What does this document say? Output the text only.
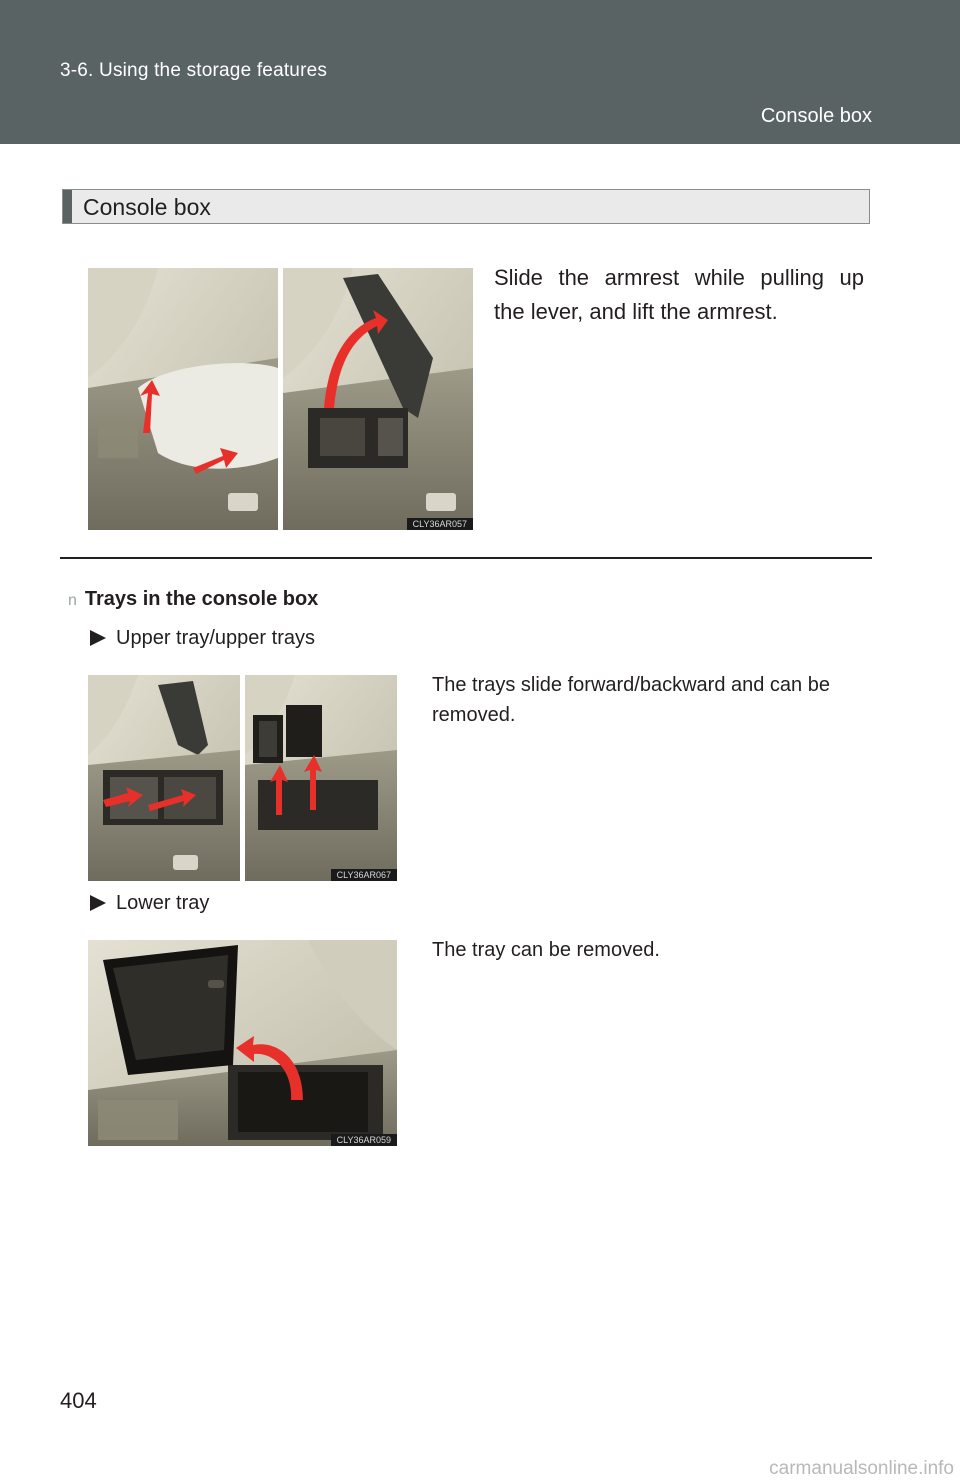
3-6. Using the storage features
Console box
Console box
CLY36AR057
Slide the armrest while pulling up
the lever, and lift the armrest.
n Trays in the console box
Upper tray/upper trays
CLY36AR067
The trays slide forward/backward and can be
removed.
Lower tray
CLY36AR059
The tray can be removed.
404
carmanualsonline.info
